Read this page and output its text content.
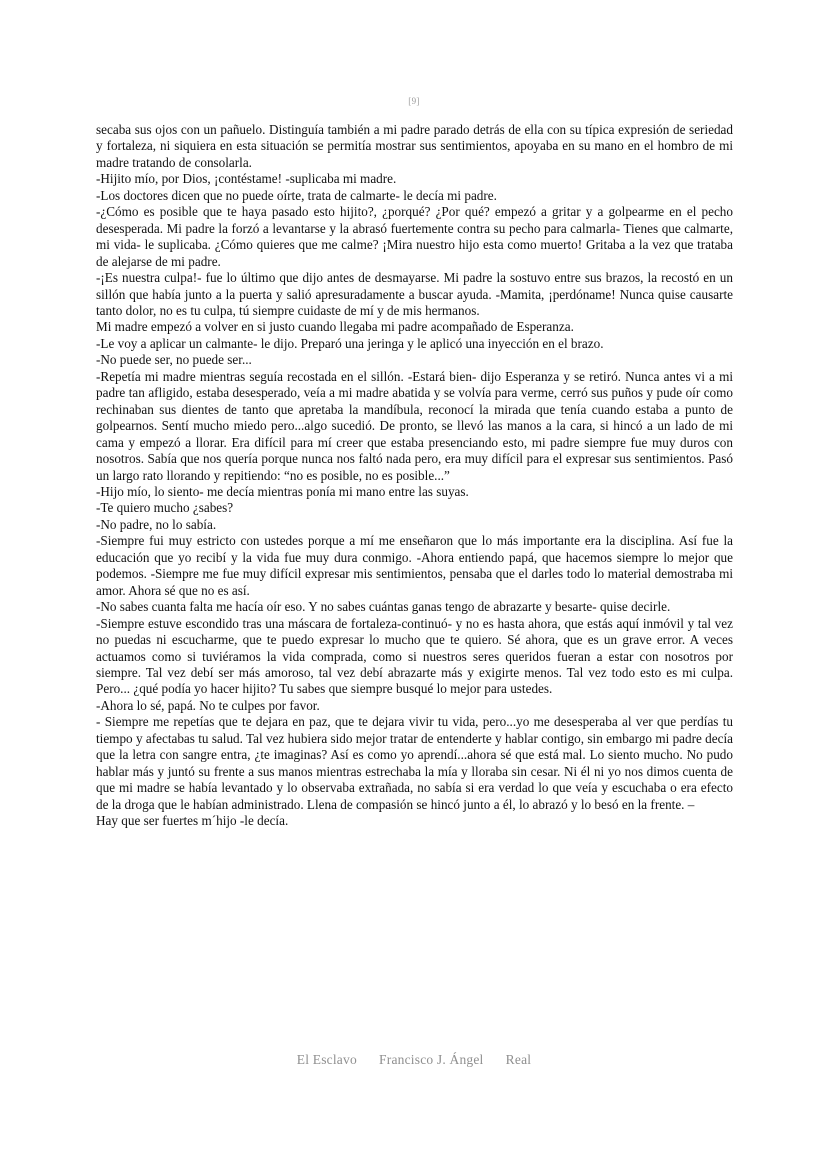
[9]

secaba sus ojos con un pañuelo. Distinguía también a mi padre parado detrás de ella con su típica expresión de seriedad y fortaleza, ni siquiera en esta situación se permitía mostrar sus sentimientos, apoyaba en su mano en el hombro de mi madre tratando de consolarla.

-Hijito mío, por Dios, ¡contéstame! -suplicaba mi madre.

-Los doctores dicen que no puede oírte, trata de calmarte- le decía mi padre.

-¿Cómo es posible que te haya pasado esto hijito?, ¿porqué? ¿Por qué? empezó a gritar y a golpearme en el pecho desesperada. Mi padre la forzó a levantarse y la abrasó fuertemente contra su pecho para calmarla- Tienes que calmarte, mi vida- le suplicaba. ¿Cómo quieres que me calme? ¡Mira nuestro hijo esta como muerto! Gritaba a la vez que trataba de alejarse de mi padre.

-¡Es nuestra culpa!- fue lo último que dijo antes de desmayarse. Mi padre la sostuvo entre sus brazos, la recostó en un sillón que había junto a la puerta y salió apresuradamente a buscar ayuda. -Mamita, ¡perdóname! Nunca quise causarte tanto dolor, no es tu culpa, tú siempre cuidaste de mí y de mis hermanos.

Mi madre empezó a volver en si justo cuando llegaba mi padre acompañado de Esperanza.

-Le voy a aplicar un calmante- le dijo. Preparó una jeringa y le aplicó una inyección en el brazo.

-No puede ser, no puede ser...

-Repetía mi madre mientras seguía recostada en el sillón. -Estará bien- dijo Esperanza y se retiró. Nunca antes vi a mi padre tan afligido, estaba desesperado, veía a mi madre abatida y se volvía para verme, cerró sus puños y pude oír como rechinaban sus dientes de tanto que apretaba la mandíbula, reconocí la mirada que tenía cuando estaba a punto de golpearnos. Sentí mucho miedo pero...algo sucedió. De pronto, se llevó las manos a la cara, si hincó a un lado de mi cama y empezó a llorar. Era difícil para mí creer que estaba presenciando esto, mi padre siempre fue muy duros con nosotros. Sabía que nos quería porque nunca nos faltó nada pero, era muy difícil para el expresar sus sentimientos. Pasó un largo rato llorando y repitiendo: “no es posible, no es posible...”

-Hijo mío, lo siento- me decía mientras ponía mi mano entre las suyas.

-Te quiero mucho ¿sabes?

-No padre, no lo sabía.

-Siempre fui muy estricto con ustedes porque a mí me enseñaron que lo más importante era la disciplina. Así fue la educación que yo recibí y la vida fue muy dura conmigo. -Ahora entiendo papá, que hacemos siempre lo mejor que podemos. -Siempre me fue muy difícil expresar mis sentimientos, pensaba que el darles todo lo material demostraba mi amor. Ahora sé que no es así.

-No sabes cuanta falta me hacía oír eso. Y no sabes cuántas ganas tengo de abrazarte y besarte- quise decirle.

-Siempre estuve escondido tras una máscara de fortaleza-continuó- y no es hasta ahora, que estás aquí inmóvil y tal vez no puedas ni escucharme, que te puedo expresar lo mucho que te quiero. Sé ahora, que es un grave error. A veces actuamos como si tuviéramos la vida comprada, como si nuestros seres queridos fueran a estar con nosotros por siempre. Tal vez debí ser más amoroso, tal vez debí abrazarte más y exigirte menos. Tal vez todo esto es mi culpa. Pero... ¿qué podía yo hacer hijito? Tu sabes que siempre busqué lo mejor para ustedes.

-Ahora lo sé, papá. No te culpes por favor.

- Siempre me repetías que te dejara en paz, que te dejara vivir tu vida, pero...yo me desesperaba al ver que perdías tu tiempo y afectabas tu salud. Tal vez hubiera sido mejor tratar de entenderte y hablar contigo, sin embargo mi padre decía que la letra con sangre entra, ¿te imaginas? Así es como yo aprendí...ahora sé que está mal. Lo siento mucho. No pudo hablar más y juntó su frente a sus manos mientras estrechaba la mía y lloraba sin cesar. Ni él ni yo nos dimos cuenta de que mi madre se había levantado y lo observaba extrañada, no sabía si era verdad lo que veía y escuchaba o era efecto de la droga que le habían administrado. Llena de compasión se hincó junto a él, lo abrazó y lo besó en la frente. –

Hay que ser fuertes m´hijo -le decía.

El Esclavo Francisco J. Ángel Real
